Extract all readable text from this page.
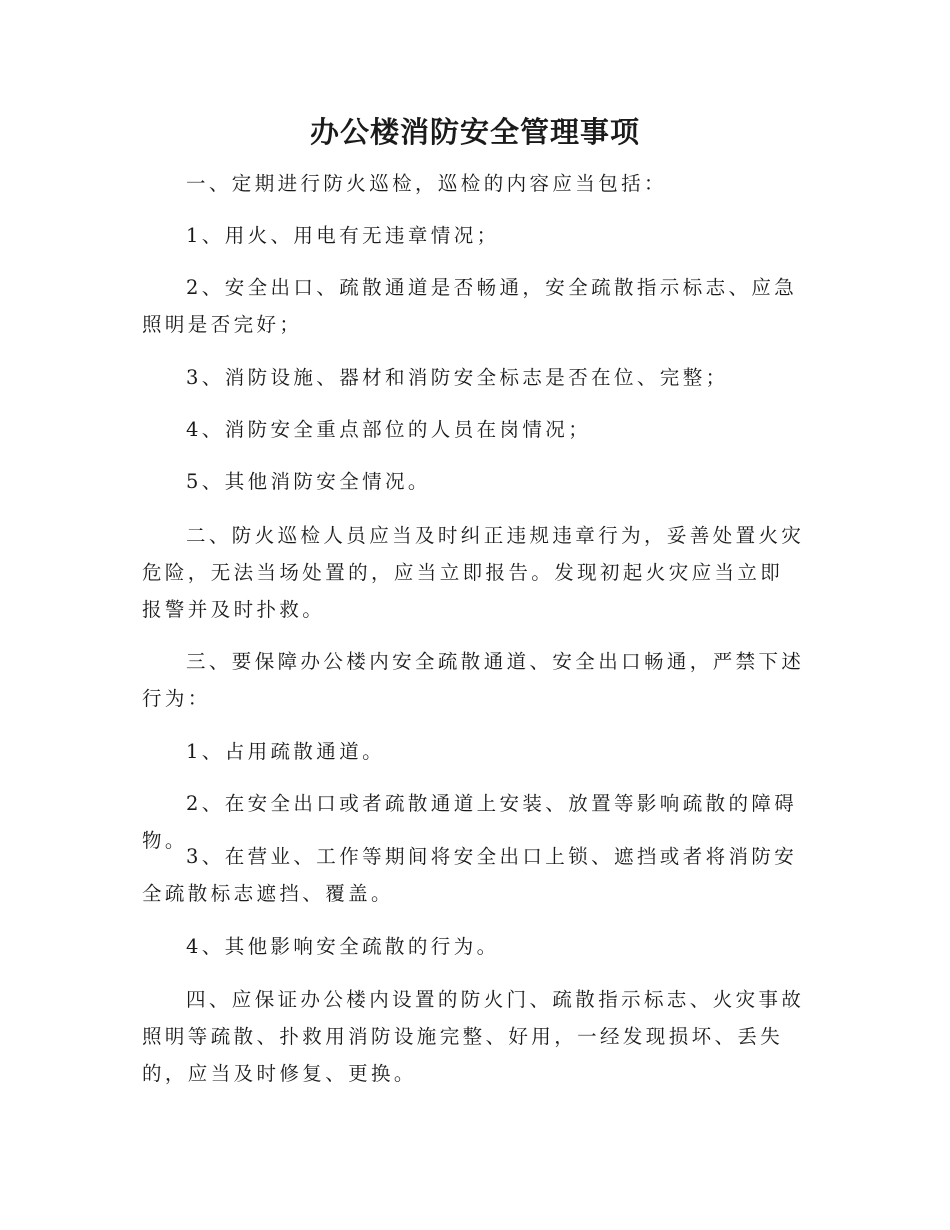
办公楼消防安全管理事项

一、定期进行防火巡检，巡检的内容应当包括：

1、用火、用电有无违章情况；

2、安全出口、疏散通道是否畅通，安全疏散指示标志、应急照明是否完好；

3、消防设施、器材和消防安全标志是否在位、完整；

4、消防安全重点部位的人员在岗情况；

5、其他消防安全情况。

二、防火巡检人员应当及时纠正违规违章行为，妥善处置火灾危险，无法当场处置的，应当立即报告。发现初起火灾应当立即报警并及时扑救。

三、要保障办公楼内安全疏散通道、安全出口畅通，严禁下述行为：

1、占用疏散通道。

2、在安全出口或者疏散通道上安装、放置等影响疏散的障碍物。

3、在营业、工作等期间将安全出口上锁、遮挡或者将消防安全疏散标志遮挡、覆盖。

4、其他影响安全疏散的行为。

四、应保证办公楼内设置的防火门、疏散指示标志、火灾事故照明等疏散、扑救用消防设施完整、好用，一经发现损坏、丢失的，应当及时修复、更换。
